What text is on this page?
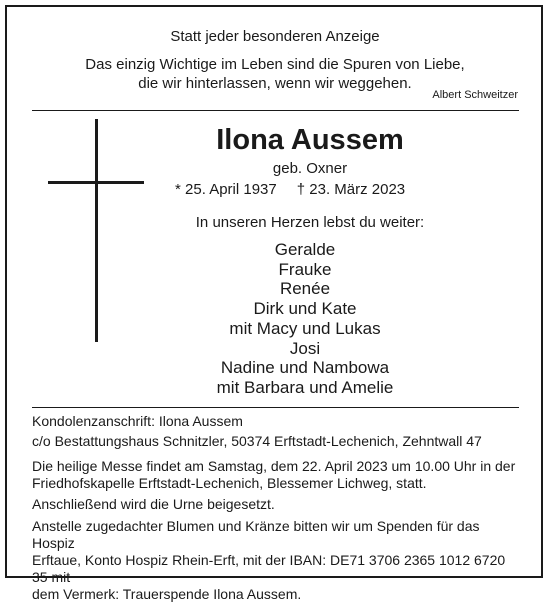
Statt jeder besonderen Anzeige
Das einzig Wichtige im Leben sind die Spuren von Liebe,
die wir hinterlassen, wenn wir weggehen.
Albert Schweitzer
Ilona Aussem
geb. Oxner
* 25. April 1937 † 23. März 2023
In unseren Herzen lebst du weiter:
Geralde
Frauke
Renée
Dirk und Kate
mit Macy und Lukas
Josi
Nadine und Nambowa
mit Barbara und Amelie
Kondolenzanschrift: Ilona Aussem
c/o Bestattungshaus Schnitzler, 50374 Erftstadt-Lechenich, Zehntwall 47
Die heilige Messe findet am Samstag, dem 22. April 2023 um 10.00 Uhr in der
Friedhofskapelle Erftstadt-Lechenich, Blessemer Lichweg, statt.
Anschließend wird die Urne beigesetzt.
Anstelle zugedachter Blumen und Kränze bitten wir um Spenden für das Hospiz
Erftaue, Konto Hospiz Rhein-Erft, mit der IBAN: DE71 3706 2365 1012 6720 35 mit
dem Vermerk: Trauerspende Ilona Aussem.
